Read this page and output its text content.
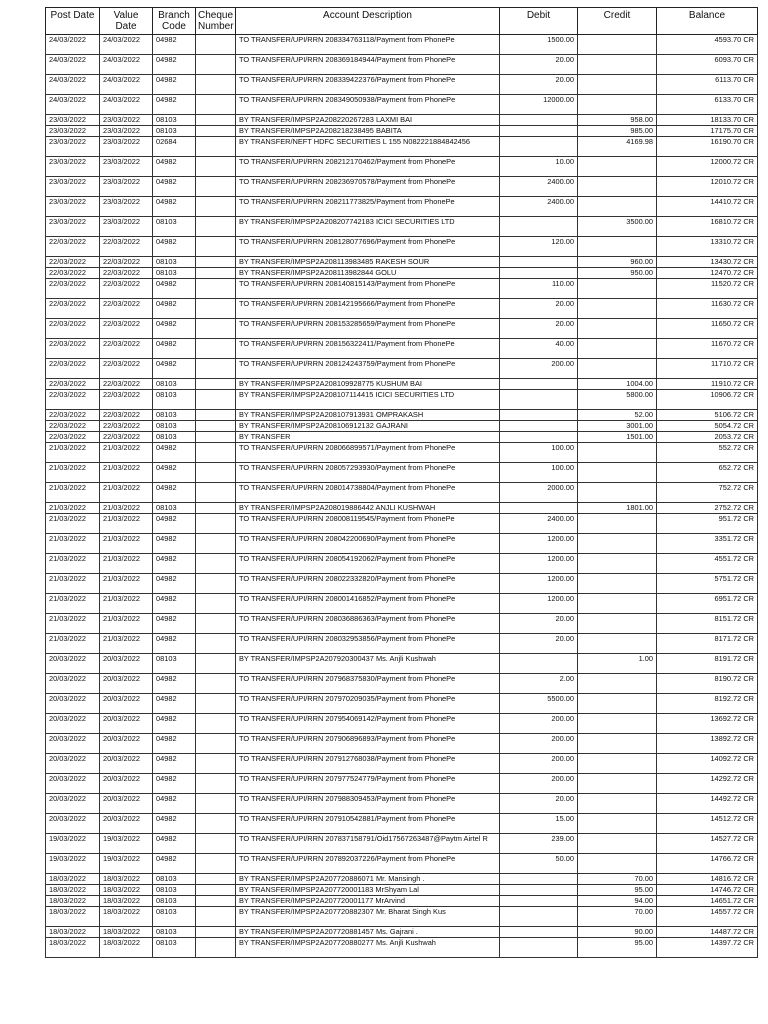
Post Date	Value Date	Branch Code	Cheque Number	Account Description	Debit	Credit	Balance
24/03/2022	24/03/2022	04982		TO TRANSFER/UPI/RRN 208334763118/Payment from PhonePe	1500.00		4593.70 CR
24/03/2022	24/03/2022	04982		TO TRANSFER/UPI/RRN 208369184944/Payment from PhonePe	20.00		6093.70 CR
24/03/2022	24/03/2022	04982		TO TRANSFER/UPI/RRN 208339422376/Payment from PhonePe	20.00		6113.70 CR
24/03/2022	24/03/2022	04982		TO TRANSFER/UPI/RRN 208349050938/Payment from PhonePe	12000.00		6133.70 CR
23/03/2022	23/03/2022	08103		BY TRANSFER/IMPSP2A208220267283 LAXMI BAI		958.00	18133.70 CR
23/03/2022	23/03/2022	08103		BY TRANSFER/IMPSP2A208218238495 BABITA		985.00	17175.70 CR
23/03/2022	23/03/2022	02684		BY TRANSFER/NEFT HDFC SECURITIES L 155 N082221884842456		4169.98	16190.70 CR
23/03/2022	23/03/2022	04982		TO TRANSFER/UPI/RRN 208212170462/Payment from PhonePe	10.00		12000.72 CR
23/03/2022	23/03/2022	04982		TO TRANSFER/UPI/RRN 208236970578/Payment from PhonePe	2400.00		12010.72 CR
23/03/2022	23/03/2022	04982		TO TRANSFER/UPI/RRN 208211773825/Payment from PhonePe	2400.00		14410.72 CR
23/03/2022	23/03/2022	08103		BY TRANSFER/IMPSP2A208207742183 ICICI SECURITIES LTD		3500.00	16810.72 CR
22/03/2022	22/03/2022	04982		TO TRANSFER/UPI/RRN 208128077696/Payment from PhonePe	120.00		13310.72 CR
22/03/2022	22/03/2022	08103		BY TRANSFER/IMPSP2A208113983485 RAKESH SOUR		960.00	13430.72 CR
22/03/2022	22/03/2022	08103		BY TRANSFER/IMPSP2A208113982844 GOLU		950.00	12470.72 CR
22/03/2022	22/03/2022	04982		TO TRANSFER/UPI/RRN 208140815143/Payment from PhonePe	110.00		11520.72 CR
22/03/2022	22/03/2022	04982		TO TRANSFER/UPI/RRN 208142195666/Payment from PhonePe	20.00		11630.72 CR
22/03/2022	22/03/2022	04982		TO TRANSFER/UPI/RRN 208153285659/Payment from PhonePe	20.00		11650.72 CR
22/03/2022	22/03/2022	04982		TO TRANSFER/UPI/RRN 208156322411/Payment from PhonePe	40.00		11670.72 CR
22/03/2022	22/03/2022	04982		TO TRANSFER/UPI/RRN 208124243759/Payment from PhonePe	200.00		11710.72 CR
22/03/2022	22/03/2022	08103		BY TRANSFER/IMPSP2A208109928775 KUSHUM BAI		1004.00	11910.72 CR
22/03/2022	22/03/2022	08103		BY TRANSFER/IMPSP2A208107114415 ICICI SECURITIES LTD		5800.00	10906.72 CR
22/03/2022	22/03/2022	08103		BY TRANSFER/IMPSP2A208107913931 OMPRAKASH		52.00	5106.72 CR
22/03/2022	22/03/2022	08103		BY TRANSFER/IMPSP2A208106912132 GAJRANI		3001.00	5054.72 CR
22/03/2022	22/03/2022	08103		BY TRANSFER		1501.00	2053.72 CR
21/03/2022	21/03/2022	04982		TO TRANSFER/UPI/RRN 208066899571/Payment from PhonePe	100.00		552.72 CR
21/03/2022	21/03/2022	04982		TO TRANSFER/UPI/RRN 208057293930/Payment from PhonePe	100.00		652.72 CR
21/03/2022	21/03/2022	04982		TO TRANSFER/UPI/RRN 208014738804/Payment from PhonePe	2000.00		752.72 CR
21/03/2022	21/03/2022	08103		BY TRANSFER/IMPSP2A208019886442 ANJLI KUSHWAH		1801.00	2752.72 CR
21/03/2022	21/03/2022	04982		TO TRANSFER/UPI/RRN 208008119545/Payment from PhonePe	2400.00		951.72 CR
21/03/2022	21/03/2022	04982		TO TRANSFER/UPI/RRN 208042200690/Payment from PhonePe	1200.00		3351.72 CR
21/03/2022	21/03/2022	04982		TO TRANSFER/UPI/RRN 208054192062/Payment from PhonePe	1200.00		4551.72 CR
21/03/2022	21/03/2022	04982		TO TRANSFER/UPI/RRN 208022332820/Payment from PhonePe	1200.00		5751.72 CR
21/03/2022	21/03/2022	04982		TO TRANSFER/UPI/RRN 208001416852/Payment from PhonePe	1200.00		6951.72 CR
21/03/2022	21/03/2022	04982		TO TRANSFER/UPI/RRN 208036886363/Payment from PhonePe	20.00		8151.72 CR
21/03/2022	21/03/2022	04982		TO TRANSFER/UPI/RRN 208032953856/Payment from PhonePe	20.00		8171.72 CR
20/03/2022	20/03/2022	08103		BY TRANSFER/IMPSP2A207920300437 Ms. Anjli Kushwah		1.00	8191.72 CR
20/03/2022	20/03/2022	04982		TO TRANSFER/UPI/RRN 207968375830/Payment from PhonePe	2.00		8190.72 CR
20/03/2022	20/03/2022	04982		TO TRANSFER/UPI/RRN 207970209035/Payment from PhonePe	5500.00		8192.72 CR
20/03/2022	20/03/2022	04982		TO TRANSFER/UPI/RRN 207954069142/Payment from PhonePe	200.00		13692.72 CR
20/03/2022	20/03/2022	04982		TO TRANSFER/UPI/RRN 207906896893/Payment from PhonePe	200.00		13892.72 CR
20/03/2022	20/03/2022	04982		TO TRANSFER/UPI/RRN 207912768038/Payment from PhonePe	200.00		14092.72 CR
20/03/2022	20/03/2022	04982		TO TRANSFER/UPI/RRN 207977524779/Payment from PhonePe	200.00		14292.72 CR
20/03/2022	20/03/2022	04982		TO TRANSFER/UPI/RRN 207988309453/Payment from PhonePe	20.00		14492.72 CR
20/03/2022	20/03/2022	04982		TO TRANSFER/UPI/RRN 207910542881/Payment from PhonePe	15.00		14512.72 CR
19/03/2022	19/03/2022	04982		TO TRANSFER/UPI/RRN 207837158791/Oid17567263487@Paytm Airtel R	239.00		14527.72 CR
19/03/2022	19/03/2022	04982		TO TRANSFER/UPI/RRN 207892037226/Payment from PhonePe	50.00		14766.72 CR
18/03/2022	18/03/2022	08103		BY TRANSFER/IMPSP2A207720886071 Mr. Mansingh .		70.00	14816.72 CR
18/03/2022	18/03/2022	08103		BY TRANSFER/IMPSP2A207720001183 MrShyam Lal		95.00	14746.72 CR
18/03/2022	18/03/2022	08103		BY TRANSFER/IMPSP2A207720001177 MrArvind		94.00	14651.72 CR
18/03/2022	18/03/2022	08103		BY TRANSFER/IMPSP2A207720882307 Mr. Bharat Singh Kus		70.00	14557.72 CR
18/03/2022	18/03/2022	08103		BY TRANSFER/IMPSP2A207720881457 Ms. Gajrani .		90.00	14487.72 CR
18/03/2022	18/03/2022	08103		BY TRANSFER/IMPSP2A207720880277 Ms. Anjli Kushwah		95.00	14397.72 CR
